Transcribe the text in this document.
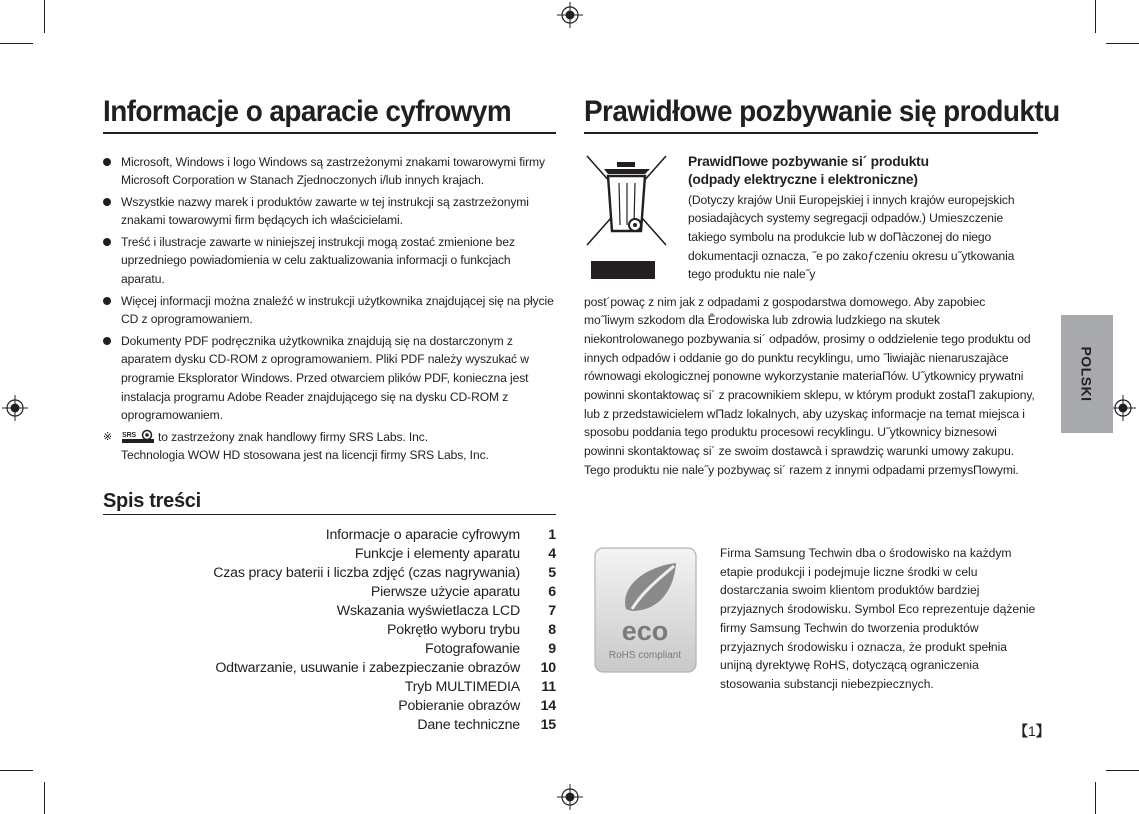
Informacje o aparacie cyfrowym
Microsoft, Windows i logo Windows są zastrzeżonymi znakami towarowymi firmy Microsoft Corporation w Stanach Zjednoczonych i/lub innych krajach.
Wszystkie nazwy marek i produktów zawarte w tej instrukcji są zastrzeżonymi znakami towarowymi firm będących ich właścicielami.
Treść i ilustracje zawarte w niniejszej instrukcji mogą zostać zmienione bez uprzedniego powiadomienia w celu zaktualizowania informacji o funkcjach aparatu.
Więcej informacji można znaleźć w instrukcji użytkownika znajdującej się na płycie CD z oprogramowaniem.
Dokumenty PDF podręcznika użytkownika znajdują się na dostarczonym z aparatem dysku CD-ROM z oprogramowaniem. Pliki PDF należy wyszukać w programie Eksplorator Windows. Przed otwarciem plików PDF, konieczna jest instalacja programu Adobe Reader znajdującego się na dysku CD-ROM z oprogramowaniem.
※ SRS to zastrzeżony znak handlowy firmy SRS Labs. Inc.
Technologia WOW HD stosowana jest na licencji firmy SRS Labs, Inc.
Spis treści
Informacje o aparacie cyfrowym	1
Funkcje i elementy aparatu	4
Czas pracy baterii i liczba zdjęć (czas nagrywania)	5
Pierwsze użycie aparatu	6
Wskazania wyświetlacza LCD	7
Pokrętło wyboru trybu	8
Fotografowanie	9
Odtwarzanie, usuwanie i zabezpieczanie obrazów	10
Tryb MULTIMEDIA	11
Pobieranie obrazów	14
Dane techniczne	15
Prawidłowe pozbywanie się produktu
PrawidΠowe pozbywanie si´ produktu
(odpady elektryczne i elektroniczne)

(Dotyczy krajów Unii Europejskiej i innych krajów europejskich posiadajàcych systemy segregacji odpadów.) Umieszczenie takiego symbolu na produkcie lub w doΠàczonej do niego dokumentacji oznacza, ˝e po zakoƒczeniu okresu u˝ytkowania tego produktu nie nale˝y

post´powaç z nim jak z odpadami z gospodarstwa domowego. Aby zapobiec mo˝liwym szkodom dla Êrodowiska lub zdrowia ludzkiego na skutek niekontrolowanego pozbywania si´ odpadów, prosimy o oddzielenie tego produktu od innych odpadów i oddanie go do punktu recyklingu, umo ˝liwiajàc nienaruszajàce równowagi ekologicznej ponowne wykorzystanie materiaΠów. U˝ytkownicy prywatni powinni skontaktowaç si´ z pracownikiem sklepu, w którym produkt zostaΠ zakupiony, lub z przedstawicielem wΠadz lokalnych, aby uzyskaç informacje na temat miejsca i sposobu poddania tego produktu procesowi recyklingu. U˝ytkownicy biznesowi powinni skontaktowaç si´ ze swoim dostawcà i sprawdziç warunki umowy zakupu. Tego produktu nie nale˝y pozbywaç si´ razem z innymi odpadami przemysΠowymi.

eco
RoHS compliant

Firma Samsung Techwin dba o środowisko na każdym etapie produkcji i podejmuje liczne środki w celu dostarczania swoim klientom produktów bardziej przyjaznych środowisku. Symbol Eco reprezentuje dążenie firmy Samsung Techwin do tworzenia produktów przyjaznych środowisku i oznacza, że produkt spełnia unijną dyrektywę RoHS, dotyczącą ograniczenia stosowania substancji niebezpiecznych.

【1】
POLSKI
